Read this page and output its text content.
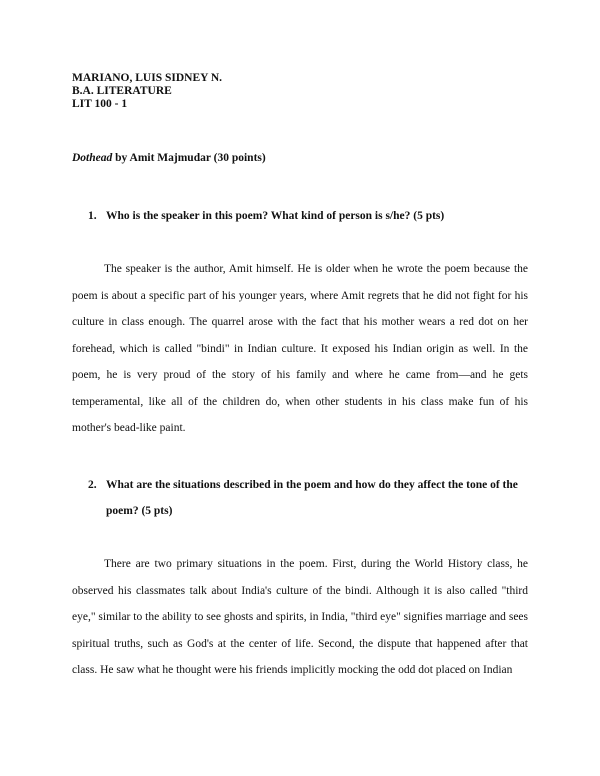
MARIANO, LUIS SIDNEY N.
B.A. LITERATURE
LIT 100 - 1
Dothead by Amit Majmudar (30 points)
1. Who is the speaker in this poem? What kind of person is s/he? (5 pts)
The speaker is the author, Amit himself. He is older when he wrote the poem because the poem is about a specific part of his younger years, where Amit regrets that he did not fight for his culture in class enough. The quarrel arose with the fact that his mother wears a red dot on her forehead, which is called "bindi" in Indian culture. It exposed his Indian origin as well. In the poem, he is very proud of the story of his family and where he came from—and he gets temperamental, like all of the children do, when other students in his class make fun of his mother's bead-like paint.
2. What are the situations described in the poem and how do they affect the tone of the poem? (5 pts)
There are two primary situations in the poem. First, during the World History class, he observed his classmates talk about India's culture of the bindi. Although it is also called "third eye," similar to the ability to see ghosts and spirits, in India, "third eye" signifies marriage and sees spiritual truths, such as God's at the center of life. Second, the dispute that happened after that class. He saw what he thought were his friends implicitly mocking the odd dot placed on Indian
